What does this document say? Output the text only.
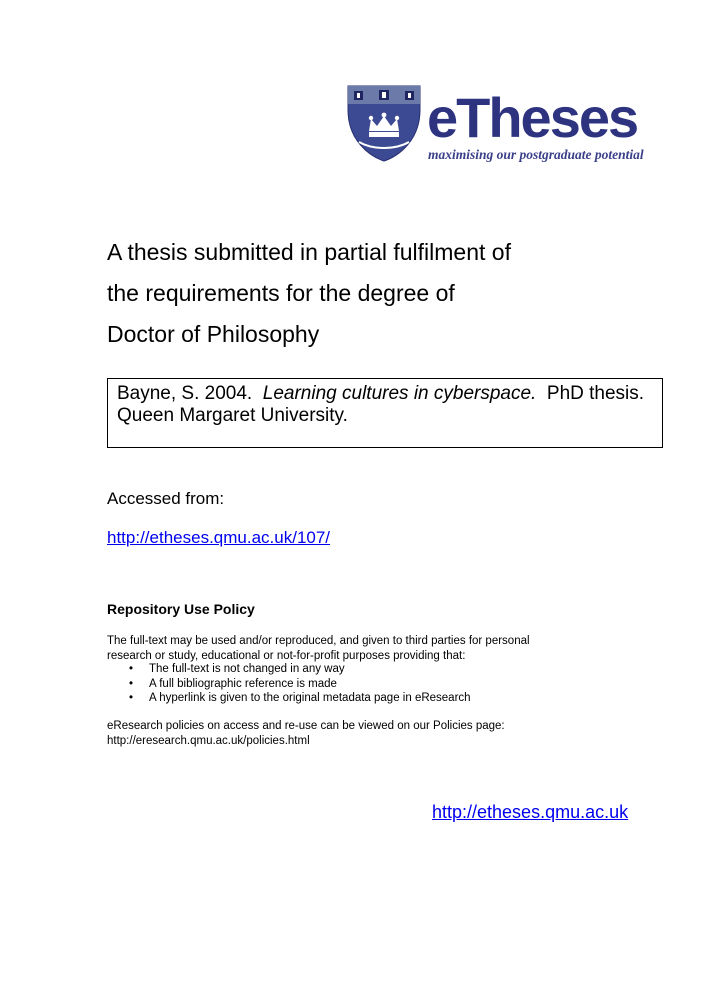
eTheses
maximising our postgraduate potential
A thesis submitted in partial fulfilment of
the requirements for the degree of
Doctor of Philosophy
Bayne, S. 2004. Learning cultures in cyberspace. PhD thesis.
Queen Margaret University.
Accessed from:
http://etheses.qmu.ac.uk/107/
Repository Use Policy
The full-text may be used and/or reproduced, and given to third parties for personal research or study, educational or not-for-profit purposes providing that:
• The full-text is not changed in any way
• A full bibliographic reference is made
• A hyperlink is given to the original metadata page in eResearch
eResearch policies on access and re-use can be viewed on our Policies page: http://eresearch.qmu.ac.uk/policies.html
http://etheses.qmu.ac.uk
